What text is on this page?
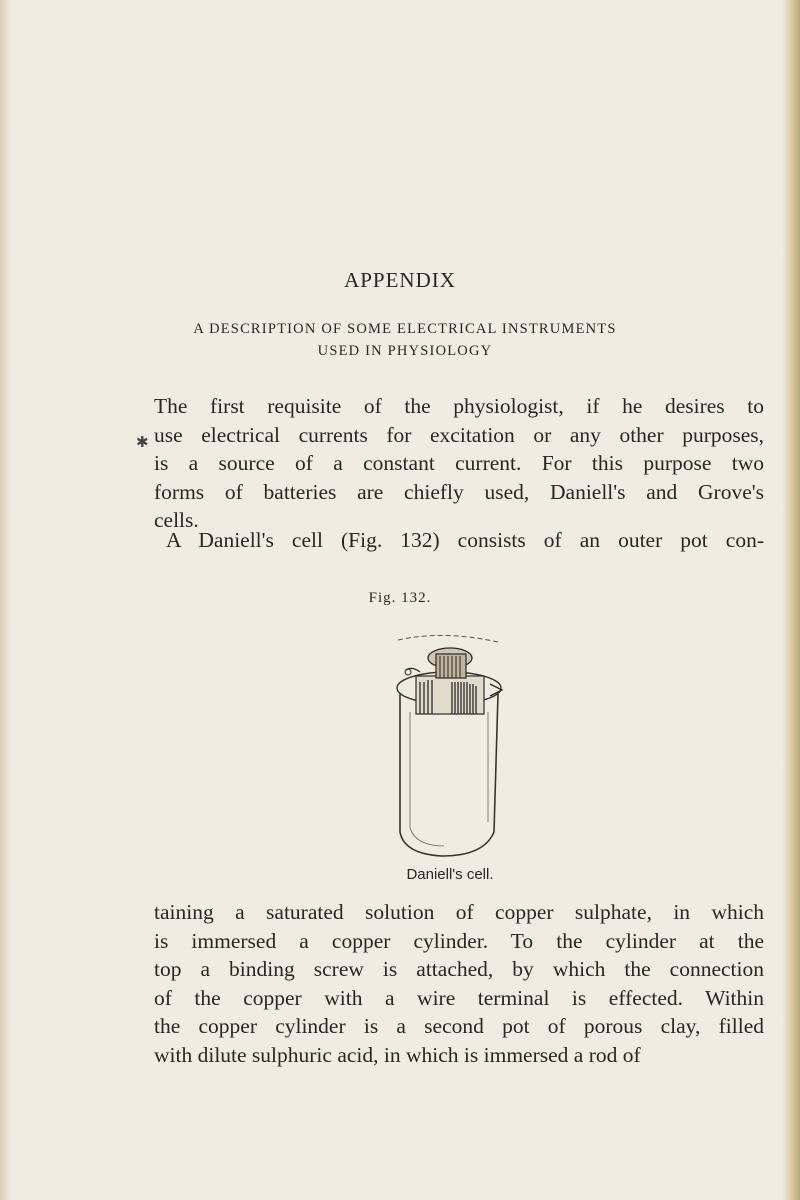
✱
APPENDIX
A DESCRIPTION OF SOME ELECTRICAL INSTRUMENTS
USED IN PHYSIOLOGY
The first requisite of the physiologist, if he desires to
use electrical currents for excitation or any other purposes,
is a source of a constant current. For this purpose two
forms of batteries are chiefly used, Daniell's and Grove's
cells.
A Daniell's cell (Fig. 132) consists of an outer pot con-
Fig. 132.
Daniell's cell.
taining a saturated solution of copper sulphate, in which
is immersed a copper cylinder. To the cylinder at the
top a binding screw is attached, by which the connection
of the copper with a wire terminal is effected. Within
the copper cylinder is a second pot of porous clay, filled
with dilute sulphuric acid, in which is immersed a rod of
